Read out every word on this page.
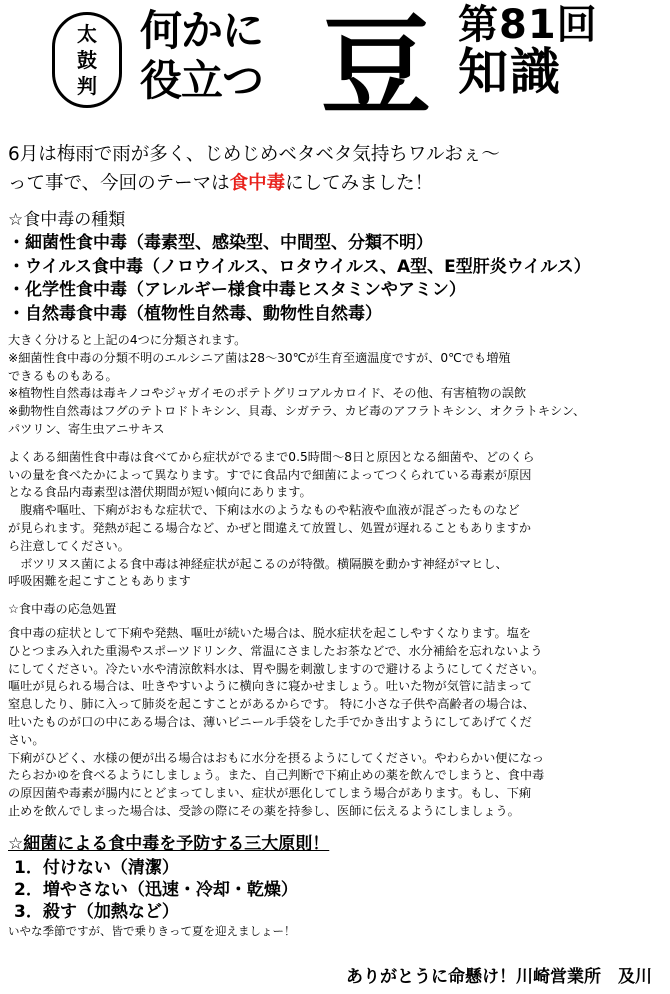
太
鼓
判
何かに
役立つ 豆 第81回
知識

6月は梅雨で雨が多く、じめじめベタベタ気持ちワルおぇ～

って事で、今回のテーマは食中毒にしてみました！

☆食中毒の種類
・細菌性食中毒（毒素型、感染型、中間型、分類不明）
・ウイルス食中毒（ノロウイルス、ロタウイルス、A型、E型肝炎ウイルス）
・化学性食中毒（アレルギー様食中毒ヒスタミンやアミン）
・自然毒食中毒（植物性自然毒、動物性自然毒）
大きく分けると上記の4つに分類されます。
※細菌性食中毒の分類不明のエルシニア菌は28～30℃が生育至適温度ですが、0℃でも増殖
できるものもある。
※植物性自然毒は毒キノコやジャガイモのポテトグリコアルカロイド、その他、有害植物の誤飲
※動物性自然毒はフグのテトロドトキシン、貝毒、シガテラ、カビ毒のアフラトキシン、オクラトキシン、
パツリン、寄生虫アニサキス
よくある細菌性食中毒は食べてから症状がでるまで0.5時間～8日と原因となる細菌や、どのくら
いの量を食べたかによって異なります。すでに食品内で細菌によってつくられている毒素が原因
となる食品内毒素型は潜伏期間が短い傾向にあります。
　腹痛や嘔吐、下痢がおもな症状で、下痢は水のようなものや粘液や血液が混ざったものなど
が見られます。発熱が起こる場合など、かぜと間違えて放置し、処置が遅れることもありますか
ら注意してください。
　ボツリヌス菌による食中毒は神経症状が起こるのが特徴。横隔膜を動かす神経がマヒし、
呼吸困難を起こすこともあります
☆食中毒の応急処置
食中毒の症状として下痢や発熱、嘔吐が続いた場合は、脱水症状を起こしやすくなります。塩を
ひとつまみ入れた重湯やスポーツドリンク、常温にさましたお茶などで、水分補給を忘れないよう
にしてください。冷たい水や清涼飲料水は、胃や腸を刺激しますので避けるようにしてください。
嘔吐が見られる場合は、吐きやすいように横向きに寝かせましょう。吐いた物が気管に詰まって
窒息したり、肺に入って肺炎を起こすことがあるからです。 特に小さな子供や高齢者の場合は、
吐いたものが口の中にある場合は、薄いビニール手袋をした手でかき出すようにしてあげてくだ
さい。
下痢がひどく、水様の便が出る場合はおもに水分を摂るようにしてください。やわらかい便になっ
たらおかゆを食べるようにしましょう。また、自己判断で下痢止めの薬を飲んでしまうと、食中毒
の原因菌や毒素が腸内にとどまってしまい、症状が悪化してしまう場合があります。もし、下痢
止めを飲んでしまった場合は、受診の際にその薬を持参し、医師に伝えるようにしましょう。
☆細菌による食中毒を予防する三大原則！
1．付けない（清潔）
2．増やさない（迅速・冷却・乾燥）
3．殺す（加熱など）
いやな季節ですが、皆で乗りきって夏を迎えましょー！
ありがとうに命懸け！川崎営業所　及川
